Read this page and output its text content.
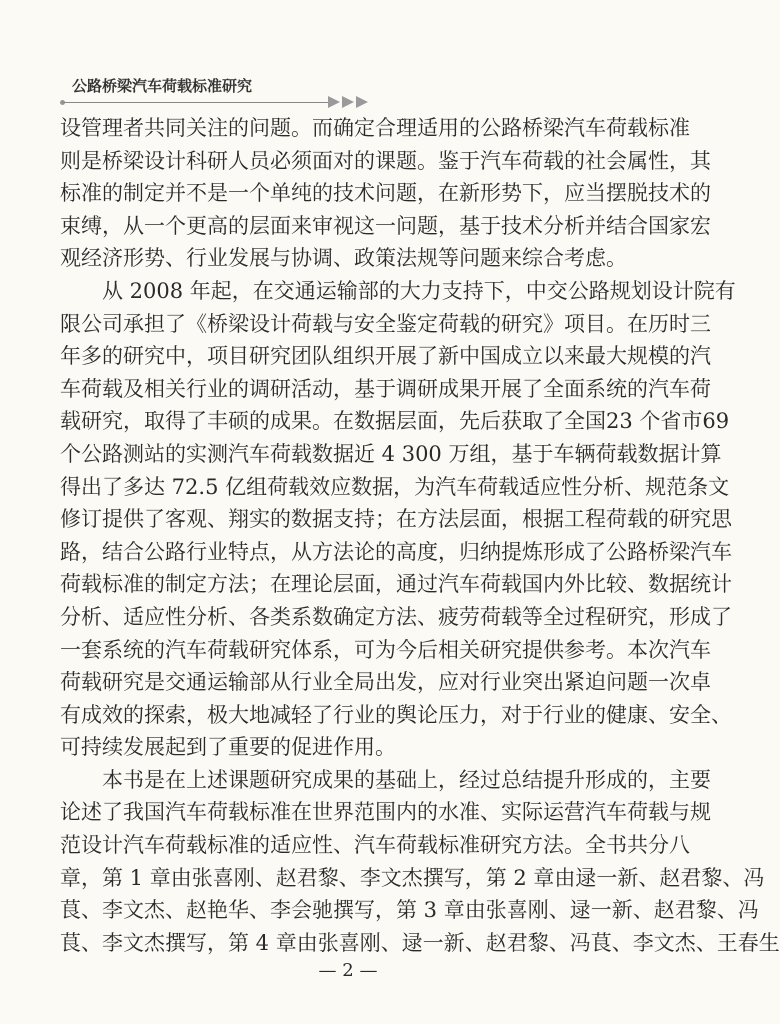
公路桥梁汽车荷载标准研究
设管理者共同关注的问题。而确定合理适用的公路桥梁汽车荷载标准
则是桥梁设计科研人员必须面对的课题。鉴于汽车荷载的社会属性，其
标准的制定并不是一个单纯的技术问题，在新形势下，应当摆脱技术的
束缚，从一个更高的层面来审视这一问题，基于技术分析并结合国家宏
观经济形势、行业发展与协调、政策法规等问题来综合考虑。
从 2008 年起，在交通运输部的大力支持下，中交公路规划设计院有
限公司承担了《桥梁设计荷载与安全鉴定荷载的研究》项目。在历时三
年多的研究中，项目研究团队组织开展了新中国成立以来最大规模的汽
车荷载及相关行业的调研活动，基于调研成果开展了全面系统的汽车荷
载研究，取得了丰硕的成果。在数据层面，先后获取了全国23 个省市69
个公路测站的实测汽车荷载数据近 4 300 万组，基于车辆荷载数据计算
得出了多达 72.5 亿组荷载效应数据，为汽车荷载适应性分析、规范条文
修订提供了客观、翔实的数据支持；在方法层面，根据工程荷载的研究思
路，结合公路行业特点，从方法论的高度，归纳提炼形成了公路桥梁汽车
荷载标准的制定方法；在理论层面，通过汽车荷载国内外比较、数据统计
分析、适应性分析、各类系数确定方法、疲劳荷载等全过程研究，形成了
一套系统的汽车荷载研究体系，可为今后相关研究提供参考。本次汽车
荷载研究是交通运输部从行业全局出发，应对行业突出紧迫问题一次卓
有成效的探索，极大地减轻了行业的舆论压力，对于行业的健康、安全、
可持续发展起到了重要的促进作用。
本书是在上述课题研究成果的基础上，经过总结提升形成的，主要
论述了我国汽车荷载标准在世界范围内的水准、实际运营汽车荷载与规
范设计汽车荷载标准的适应性、汽车荷载标准研究方法。全书共分八
章，第 1 章由张喜刚、赵君黎、李文杰撰写，第 2 章由逯一新、赵君黎、冯
茛、李文杰、赵艳华、李会驰撰写，第 3 章由张喜刚、逯一新、赵君黎、冯
茛、李文杰撰写，第 4 章由张喜刚、逯一新、赵君黎、冯茛、李文杰、王春生
— 2 —
